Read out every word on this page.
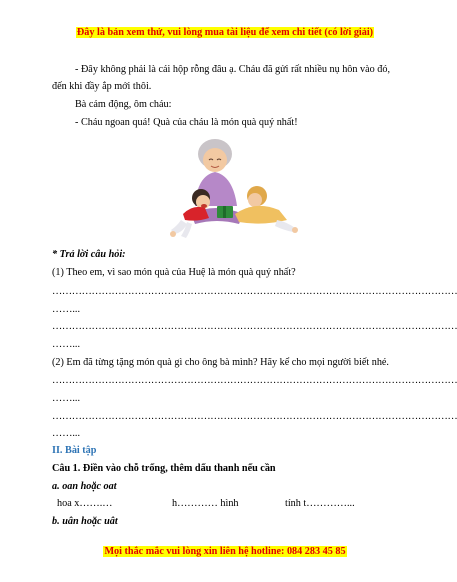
Đây là bản xem thử, vui lòng mua tài liệu để xem chi tiết (có lời giải)
- Đây không phải là cái hộp rỗng đâu ạ. Cháu đã gửi rất nhiều nụ hôn vào đó,
đến khi đầy ắp mới thôi.
Bà cảm động, ôm cháu:
- Cháu ngoan quá! Quà của cháu là món quà quý nhất!
* Trả lời câu hỏi:
(1) Theo em, vì sao món quà của Huệ là món quà quý nhất?
……………………………………………………………………………………………………………
……...
……………………………………………………………………………………………………………
……...
(2) Em đã từng tặng món quà gì cho ông bà mình? Hãy kể cho mọi người biết nhé.
……………………………………………………………………………………………………………
……...
……………………………………………………………………………………………………………
……...
II. Bài tập
Câu 1. Điền vào chỗ trống, thêm dấu thanh nếu cần
a. oan hoặc oat
hoa x…….…	h………… hình	tính t…………...
b. uân hoặc uât
Mọi thắc mắc vui lòng xin liên hệ hotline: 084 283 45 85
